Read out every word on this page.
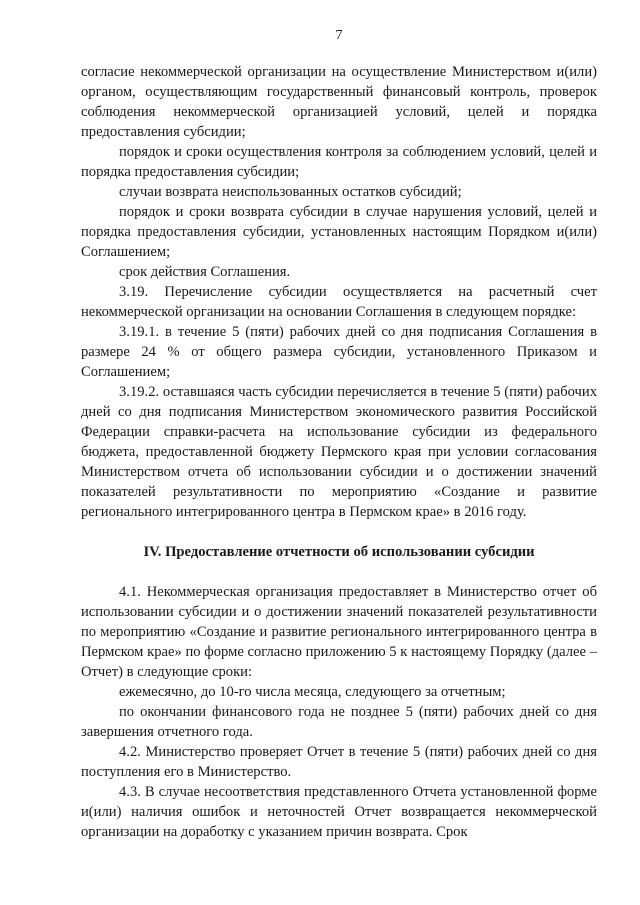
7

согласие некоммерческой организации на осуществление Министерством и(или) органом, осуществляющим государственный финансовый контроль, проверок соблюдения некоммерческой организацией условий, целей и порядка предоставления субсидии;

порядок и сроки осуществления контроля за соблюдением условий, целей и порядка предоставления субсидии;

случаи возврата неиспользованных остатков субсидий;

порядок и сроки возврата субсидии в случае нарушения условий, целей и порядка предоставления субсидии, установленных настоящим Порядком и(или) Соглашением;

срок действия Соглашения.

3.19. Перечисление субсидии осуществляется на расчетный счет некоммерческой организации на основании Соглашения в следующем порядке:

3.19.1. в течение 5 (пяти) рабочих дней со дня подписания Соглашения в размере 24 % от общего размера субсидии, установленного Приказом и Соглашением;

3.19.2. оставшаяся часть субсидии перечисляется в течение 5 (пяти) рабочих дней со дня подписания Министерством экономического развития Российской Федерации справки-расчета на использование субсидии из федерального бюджета, предоставленной бюджету Пермского края при условии согласования Министерством отчета об использовании субсидии и о достижении значений показателей результативности по мероприятию «Создание и развитие регионального интегрированного центра в Пермском крае» в 2016 году.

IV. Предоставление отчетности об использовании субсидии

4.1. Некоммерческая организация предоставляет в Министерство отчет об использовании субсидии и о достижении значений показателей результативности по мероприятию «Создание и развитие регионального интегрированного центра в Пермском крае» по форме согласно приложению 5 к настоящему Порядку (далее – Отчет) в следующие сроки:

ежемесячно, до 10-го числа месяца, следующего за отчетным;

по окончании финансового года не позднее 5 (пяти) рабочих дней со дня завершения отчетного года.

4.2. Министерство проверяет Отчет в течение 5 (пяти) рабочих дней со дня поступления его в Министерство.

4.3. В случае несоответствия представленного Отчета установленной форме и(или) наличия ошибок и неточностей Отчет возвращается некоммерческой организации на доработку с указанием причин возврата. Срок
